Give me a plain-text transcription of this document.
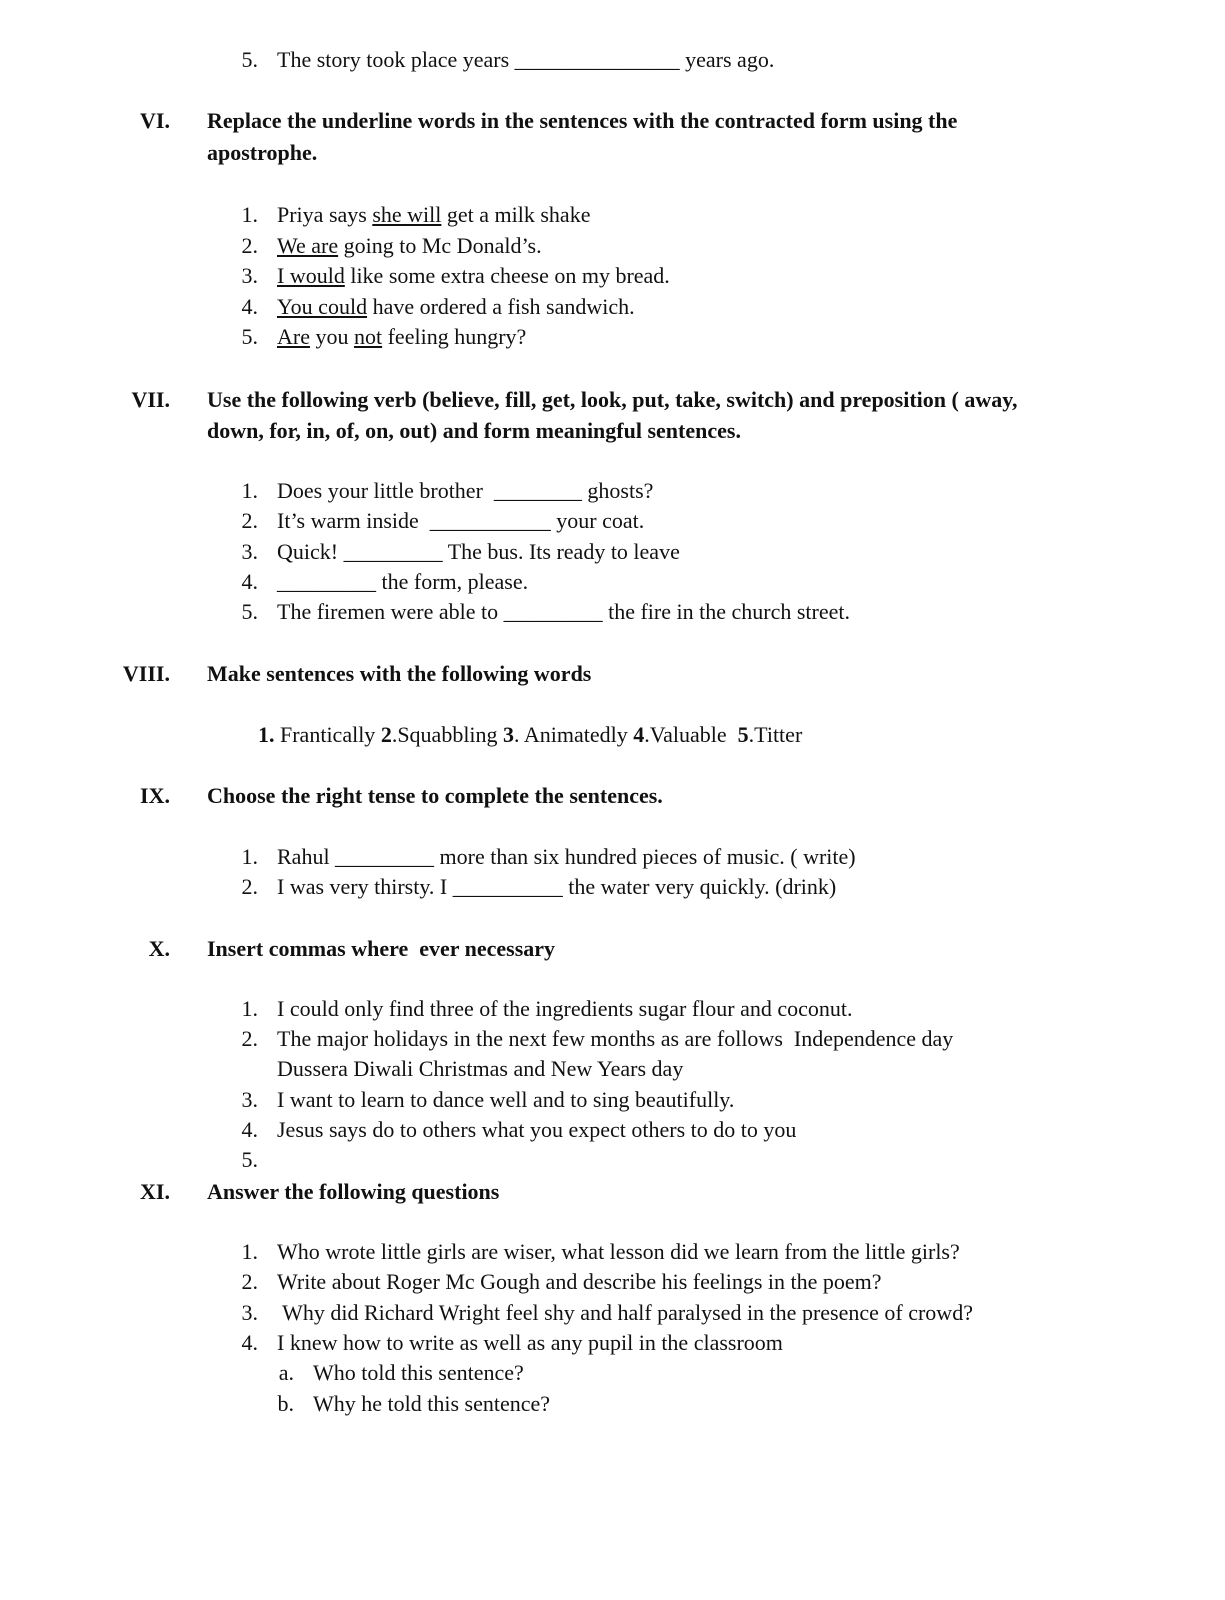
5. The story took place years _______________ years ago.
VI. Replace the underline words in the sentences with the contracted form using the
apostrophe.
1. Priya says she will get a milk shake
2. We are going to Mc Donald’s.
3. I would like some extra cheese on my bread.
4. You could have ordered a fish sandwich.
5. Are you not feeling hungry?
VII. Use the following verb (believe, fill, get, look, put, take, switch) and preposition ( away,
down, for, in, of, on, out) and form meaningful sentences.
1. Does your little brother  ________ ghosts?
2. It’s warm inside  ___________ your coat.
3. Quick! _________ The bus. Its ready to leave
4. _________ the form, please.
5. The firemen were able to _________ the fire in the church street.
VIII. Make sentences with the following words
1. Frantically 2.Squabbling 3. Animatedly 4.Valuable  5.Titter
IX. Choose the right tense to complete the sentences.
1. Rahul _________ more than six hundred pieces of music. ( write)
2. I was very thirsty. I __________ the water very quickly. (drink)
X. Insert commas where  ever necessary
1. I could only find three of the ingredients sugar flour and coconut.
2. The major holidays in the next few months as are follows  Independence day
Dussera Diwali Christmas and New Years day
3. I want to learn to dance well and to sing beautifully.
4. Jesus says do to others what you expect others to do to you
5.
XI. Answer the following questions
1. Who wrote little girls are wiser, what lesson did we learn from the little girls?
2. Write about Roger Mc Gough and describe his feelings in the poem?
3. Why did Richard Wright feel shy and half paralysed in the presence of crowd?
4. I knew how to write as well as any pupil in the classroom
a. Who told this sentence?
b. Why he told this sentence?
